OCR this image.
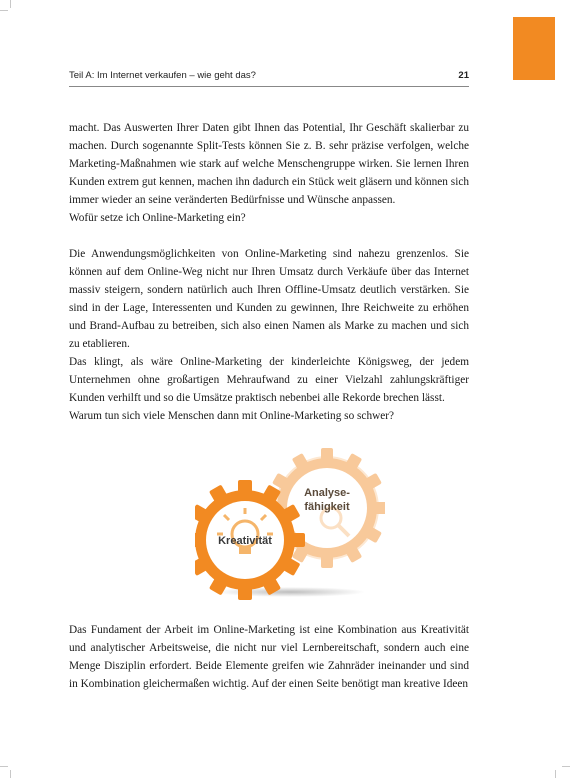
Teil A: Im Internet verkaufen – wie geht das?	21

macht. Das Auswerten Ihrer Daten gibt Ihnen das Potential, Ihr Geschäft skalierbar zu machen. Durch sogenannte Split-Tests können Sie z. B. sehr präzise verfolgen, welche Marketing-Maßnahmen wie stark auf welche Menschengruppe wirken. Sie lernen Ihren Kunden extrem gut kennen, machen ihn dadurch ein Stück weit gläsern und können sich immer wieder an seine veränderten Bedürfnisse und Wünsche anpassen.

Wofür setze ich Online-Marketing ein?

Die Anwendungsmöglichkeiten von Online-Marketing sind nahezu grenzenlos. Sie können auf dem Online-Weg nicht nur Ihren Umsatz durch Verkäufe über das Internet massiv steigern, sondern natürlich auch Ihren Offline-Umsatz deutlich verstärken. Sie sind in der Lage, Interessenten und Kunden zu gewinnen, Ihre Reichweite zu erhöhen und Brand-Aufbau zu betreiben, sich also einen Namen als Marke zu machen und sich zu etablieren.

Das klingt, als wäre Online-Marketing der kinderleichte Königsweg, der jedem Unternehmen ohne großartigen Mehraufwand zu einer Vielzahl zahlungskräftiger Kunden verhilft und so die Umsätze praktisch nebenbei alle Rekorde brechen lässt.

Warum tun sich viele Menschen dann mit Online-Marketing so schwer?

Analyse-
fähigkeit
Kreativität

Das Fundament der Arbeit im Online-Marketing ist eine Kombination aus Kreativität und analytischer Arbeitsweise, die nicht nur viel Lernbereitschaft, sondern auch eine Menge Disziplin erfordert. Beide Elemente greifen wie Zahnräder ineinander und sind in Kombination gleichermaßen wichtig. Auf der einen Seite benötigt man kreative Ideen
